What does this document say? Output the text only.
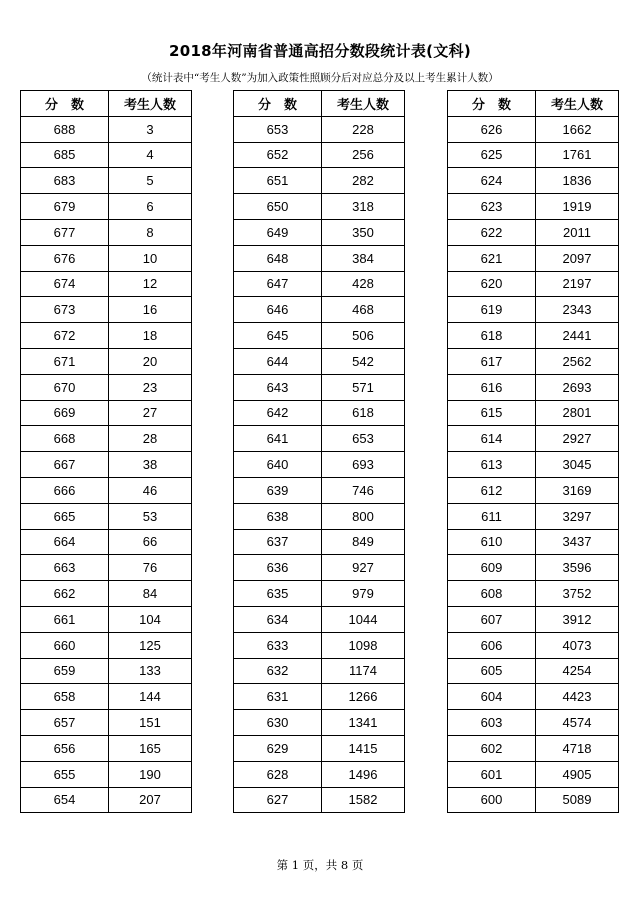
2018年河南省普通高招分数段统计表(文科)
（统计表中“考生人数”为加入政策性照顾分后对应总分及以上考生累计人数）
分　数	考生人数
688	3
685	4
683	5
679	6
677	8
676	10
674	12
673	16
672	18
671	20
670	23
669	27
668	28
667	38
666	46
665	53
664	66
663	76
662	84
661	104
660	125
659	133
658	144
657	151
656	165
655	190
654	207
分　数	考生人数
653	228
652	256
651	282
650	318
649	350
648	384
647	428
646	468
645	506
644	542
643	571
642	618
641	653
640	693
639	746
638	800
637	849
636	927
635	979
634	1044
633	1098
632	1174
631	1266
630	1341
629	1415
628	1496
627	1582
分　数	考生人数
626	1662
625	1761
624	1836
623	1919
622	2011
621	2097
620	2197
619	2343
618	2441
617	2562
616	2693
615	2801
614	2927
613	3045
612	3169
611	3297
610	3437
609	3596
608	3752
607	3912
606	4073
605	4254
604	4423
603	4574
602	4718
601	4905
600	5089
第 1 页，共 8 页
